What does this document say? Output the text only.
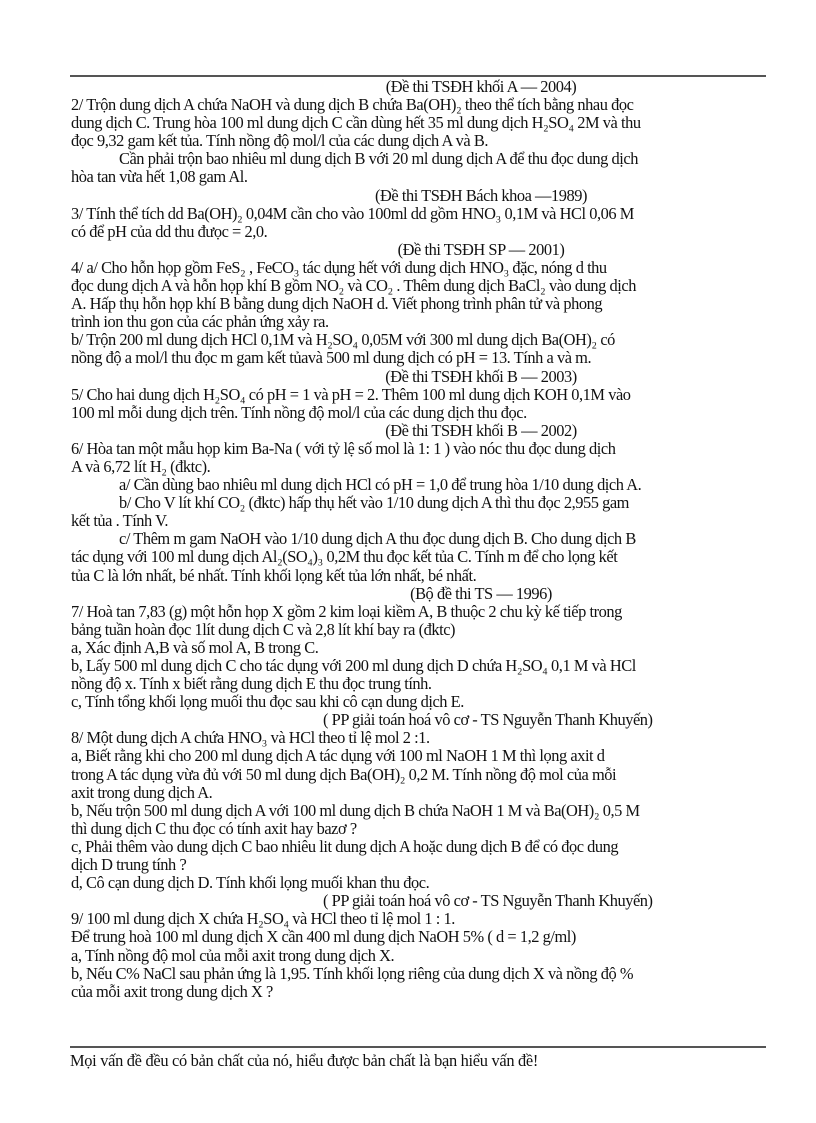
(Đề thi TSĐH khối A — 2004)
2/ Trộn dung dịch A chứa NaOH và dung dịch B chứa Ba(OH)₂ theo thể tích bằng nhau đọc
dung dịch C. Trung hòa 100 ml dung dịch C cần dùng hết 35 ml dung dịch H₂SO₄ 2M và thu
đọc 9,32 gam kết tủa. Tính nồng độ mol/l của các dung dịch A và B.
Cần phải trộn bao nhiêu ml dung dịch B với 20 ml dung dịch A để thu đọc dung dịch
hòa tan vừa hết 1,08 gam Al.
(Đề thi TSĐH Bách khoa —1989)
3/ Tính thể tích dd Ba(OH)₂ 0,04M cần cho vào 100ml dd gồm HNO₃ 0,1M và HCl 0,06 M
có để pH của dd thu đưọc = 2,0.
(Đề thi TSĐH SP — 2001)
4/ a/ Cho hỗn họp gồm FeS₂ , FeCO₃ tác dụng hết với dung dịch HNO₃ đặc, nóng d thu
đọc dung dịch A và hỗn họp khí B gồm NO₂ và CO₂ . Thêm dung dịch BaCl₂ vào dung dịch
A. Hấp thụ hỗn họp khí B bằng dung dịch NaOH d. Viết phong trình phân tử và phong
trình ion thu gon của các phản ứng xảy ra.
b/ Trộn 200 ml dung dịch HCl 0,1M và H₂SO₄ 0,05M với 300 ml dung dịch Ba(OH)₂ có
nồng độ a mol/l thu đọc m gam kết tủavà 500 ml dung dịch có pH = 13. Tính a và m.
(Đề thi TSĐH khối B — 2003)
5/ Cho hai dung dịch H₂SO₄ có pH = 1 và pH = 2. Thêm 100 ml dung dịch KOH 0,1M vào
100 ml mỗi dung dịch trên. Tính nồng độ mol/l của các dung dịch thu đọc.
(Đề thi TSĐH khối B — 2002)
6/ Hòa tan một mẫu họp kim Ba-Na ( với tỷ lệ số mol là 1: 1 ) vào nóc thu đọc dung dịch
A và 6,72 lít H₂ (đktc).
a/ Cần dùng bao nhiêu ml dung dịch HCl có pH = 1,0 để trung hòa 1/10 dung dịch A.
b/ Cho V lít khí CO₂ (đktc) hấp thụ hết vào 1/10 dung dịch A thì thu đọc 2,955 gam
kết tủa . Tính V.
c/ Thêm m gam NaOH vào 1/10 dung dịch A thu đọc dung dịch B. Cho dung dịch B
tác dụng với 100 ml dung dịch Al₂(SO₄)₃ 0,2M thu đọc kết tủa C. Tính m để cho lọng kết
tủa C là lớn nhất, bé nhất. Tính khối lọng kết tủa lớn nhất, bé nhất.
(Bộ đề thi TS — 1996)
7/ Hoà tan 7,83 (g) một hỗn họp X gồm 2 kim loại kiềm A, B thuộc 2 chu kỳ kế tiếp trong
bảng tuần hoàn đọc 1lít dung dịch C và 2,8 lít khí bay ra (đktc)
a, Xác định A,B và số mol A, B trong C.
b, Lấy 500 ml dung dịch C cho tác dụng với 200 ml dung dịch D chứa H₂SO₄ 0,1 M và HCl
nồng độ x. Tính x biết rằng dung dịch E thu đọc trung tính.
c, Tính tổng khối lọng muối thu đọc sau khi cô cạn dung dịch E.
( PP giải toán hoá vô cơ - TS Nguyễn Thanh Khuyến)
8/ Một dung dịch A chứa HNO₃ và HCl theo tỉ lệ mol 2 :1.
a, Biết rằng khi cho 200 ml dung dịch A tác dụng với 100 ml NaOH 1 M thì lọng axit d
trong A tác dụng vừa đủ với 50 ml dung dịch Ba(OH)₂ 0,2 M. Tính nồng độ mol của mỗi
axit trong dung dịch A.
b, Nếu trộn 500 ml dung dịch A với 100 ml dung dịch B chứa NaOH 1 M và Ba(OH)₂ 0,5 M
thì dung dịch C thu đọc có tính axit hay bazơ ?
c, Phải thêm vào dung dịch C bao nhiêu lit dung dịch A hoặc dung dịch B để có đọc dung
dịch D trung tính ?
d, Cô cạn dung dịch D. Tính khối lọng muối khan thu đọc.
( PP giải toán hoá vô cơ - TS Nguyễn Thanh Khuyến)
9/ 100 ml dung dịch X chứa H₂SO₄ và HCl theo tỉ lệ mol 1 : 1.
Để trung hoà 100 ml dung dịch X cần 400 ml dung dịch NaOH 5% ( d = 1,2 g/ml)
a, Tính nồng độ mol của mỗi axit trong dung dịch X.
b, Nếu C% NaCl sau phản ứng là 1,95. Tính khối lọng riêng của dung dịch X và nồng độ %
của mỗi axit trong dung dịch X ?
Mọi vấn đề đều có bản chất của nó, hiểu được bản chất là bạn hiểu vấn đề!
